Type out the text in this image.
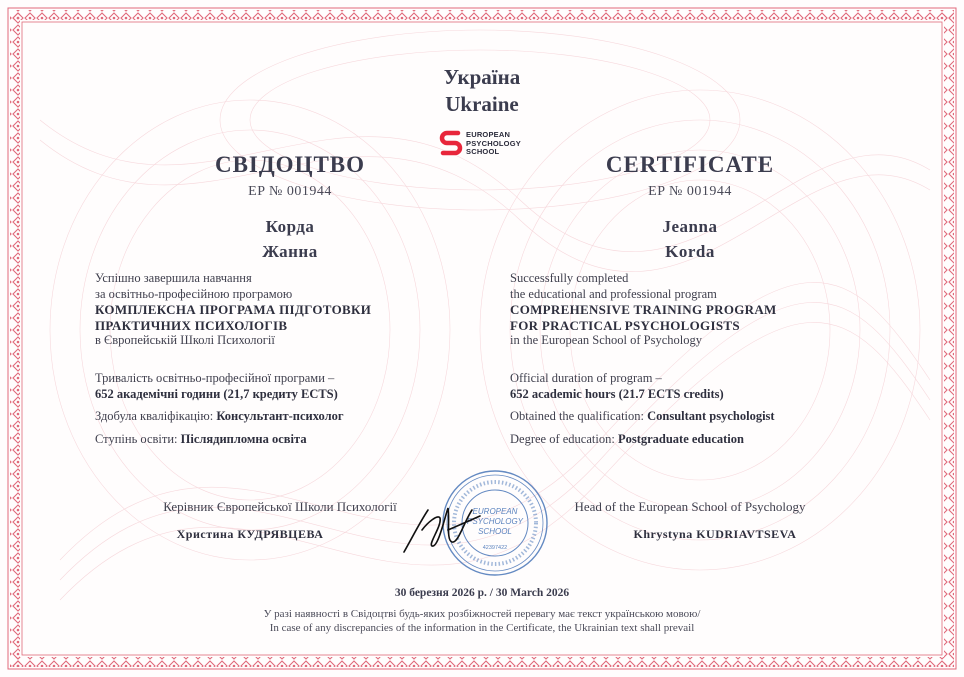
Україна
Ukraine
EUROPEAN
PSYCHOLOGY
SCHOOL
СВІДОЦТВО
EP № 001944
Корда
Жанна
Успішно завершила навчання
за освітньо-професійною програмою
КОМПЛЕКСНА ПРОГРАМА ПІДГОТОВКИ
ПРАКТИЧНИХ ПСИХОЛОГІВ
в Європейській Школі Психології
Тривалість освітньо-професійної програми –
652 академічні години (21,7 кредиту ECTS)
Здобула кваліфікацію: Консультант-психолог
Ступінь освіти: Післядипломна освіта
CERTIFICATE
EP № 001944
Jeanna
Korda
Successfully completed
the educational and professional program
COMPREHENSIVE TRAINING PROGRAM
FOR PRACTICAL PSYCHOLOGISTS
in the European School of Psychology
Official duration of program –
652 academic hours (21.7 ECTS credits)
Obtained the qualification: Consultant psychologist
Degree of education: Postgraduate education
Керівник Європейської Школи Психології
Христина КУДРЯВЦЕВА
Head of the European School of Psychology
Khrystyna KUDRIAVTSEVA
EUROPEAN
PSYCHOLOGY
SCHOOL
42397422
30 березня 2026 р. / 30 March 2026
У разі наявності в Свідоцтві будь-яких розбіжностей перевагу має текст українською мовою/
In case of any discrepancies of the information in the Certificate, the Ukrainian text shall prevail
